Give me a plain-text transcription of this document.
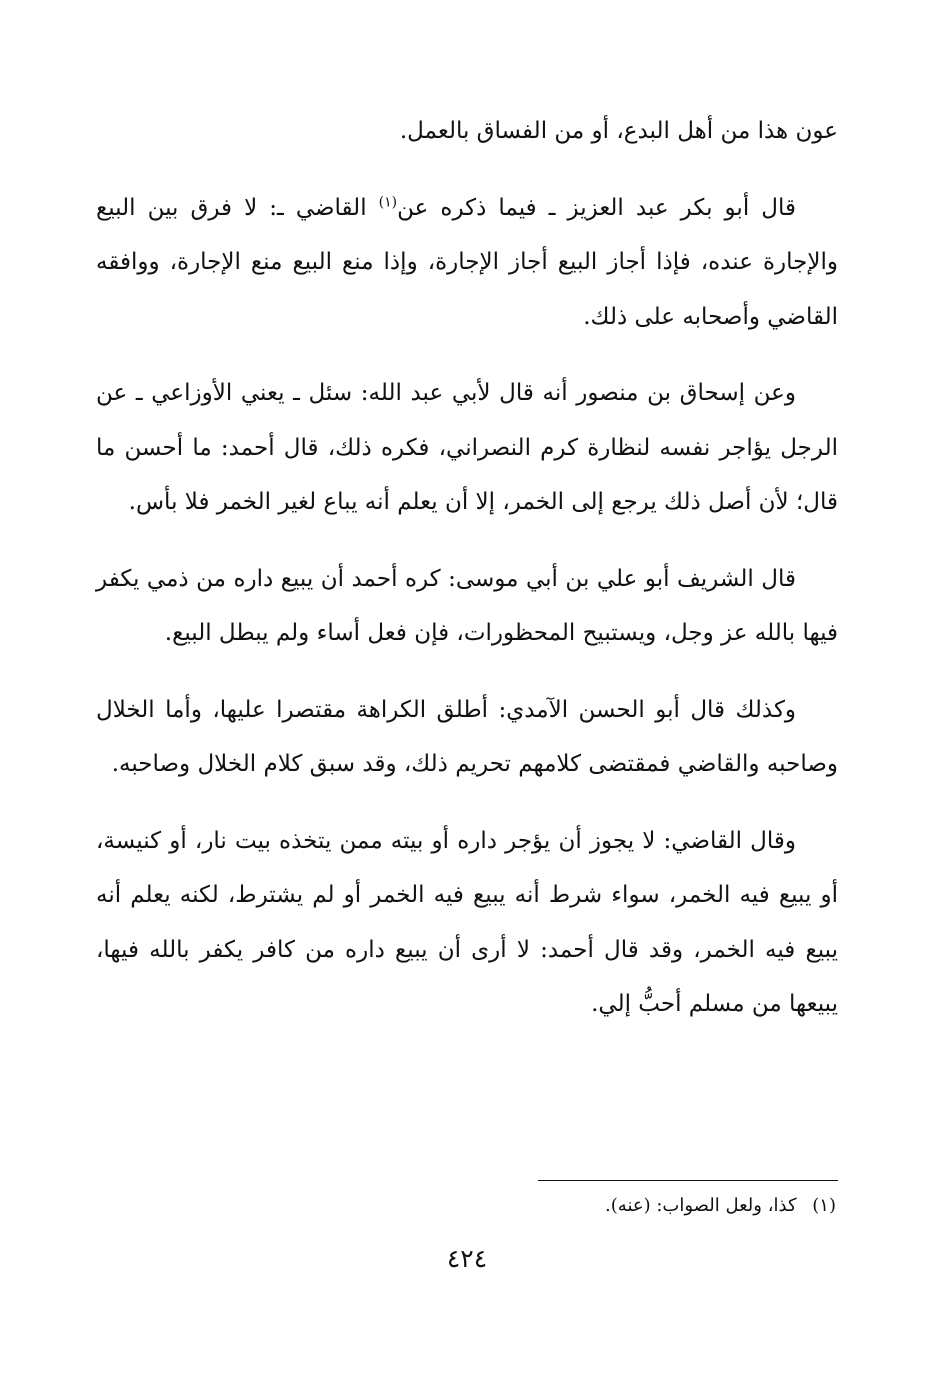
عون هذا من أهل البدع، أو من الفساق بالعمل.

قال أبو بكر عبد العزيز ـ فيما ذكره عن$^{(١)}$ القاضي ـ: لا فرق بين البيع والإجارة عنده، فإذا أجاز البيع أجاز الإجارة، وإذا منع البيع منع الإجارة، ووافقه القاضي وأصحابه على ذلك.

وعن إسحاق بن منصور أنه قال لأبي عبد الله: سئل ـ يعني الأوزاعي ـ عن الرجل يؤاجر نفسه لنظارة كرم النصراني، فكره ذلك، قال أحمد: ما أحسن ما قال؛ لأن أصل ذلك يرجع إلى الخمر، إلا أن يعلم أنه يباع لغير الخمر فلا بأس.

قال الشريف أبو علي بن أبي موسى: كره أحمد أن يبيع داره من ذمي يكفر فيها بالله عز وجل، ويستبيح المحظورات، فإن فعل أساء ولم يبطل البيع.

وكذلك قال أبو الحسن الآمدي: أطلق الكراهة مقتصرا عليها، وأما الخلال وصاحبه والقاضي فمقتضى كلامهم تحريم ذلك، وقد سبق كلام الخلال وصاحبه.

وقال القاضي: لا يجوز أن يؤجر داره أو بيته ممن يتخذه بيت نار، أو كنيسة، أو يبيع فيه الخمر، سواء شرط أنه يبيع فيه الخمر أو لم يشترط، لكنه يعلم أنه يبيع فيه الخمر، وقد قال أحمد: لا أرى أن يبيع داره من كافر يكفر بالله فيها، يبيعها من مسلم أحبُّ إلي.

(١) كذا، ولعل الصواب: (عنه).
٤٢٤
